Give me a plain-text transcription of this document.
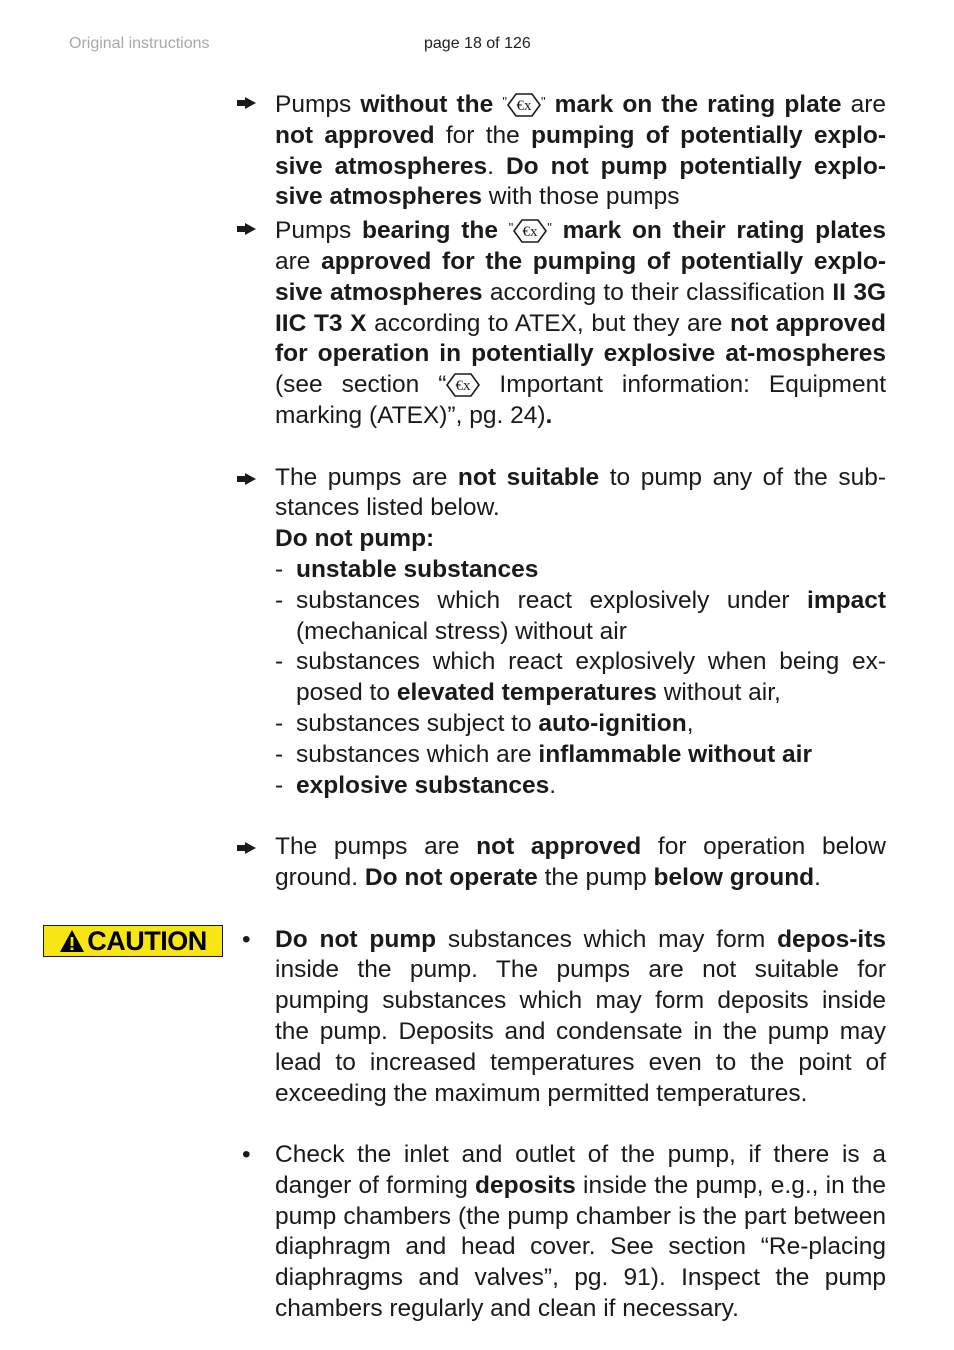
Original instructions	page 18 of 126
CAUTION
Pumps without the " €x " mark on the rating plate are not approved for the pumping of potentially explo-sive atmospheres. Do not pump potentially explo-sive atmospheres with those pumps
Pumps bearing the " €x " mark on their rating plates are approved for the pumping of potentially explo-sive atmospheres according to their classification II 3G IIC T3 X according to ATEX, but they are not approved for operation in potentially explosive at-mospheres (see section “ €x Important information: Equipment marking (ATEX)”, pg. 24).
The pumps are not suitable to pump any of the sub-stances listed below.
Do not pump:
- unstable substances
- substances which react explosively under impact (mechanical stress) without air
- substances which react explosively when being ex-posed to elevated temperatures without air,
- substances subject to auto-ignition,
- substances which are inflammable without air
- explosive substances.
The pumps are not approved for operation below ground. Do not operate the pump below ground.
• Do not pump substances which may form depos-its inside the pump. The pumps are not suitable for pumping substances which may form deposits inside the pump. Deposits and condensate in the pump may lead to increased temperatures even to the point of exceeding the maximum permitted temperatures.
• Check the inlet and outlet of the pump, if there is a danger of forming deposits inside the pump, e.g., in the pump chambers (the pump chamber is the part between diaphragm and head cover. See section “Re-placing diaphragms and valves”, pg. 91). Inspect the pump chambers regularly and clean if necessary.
